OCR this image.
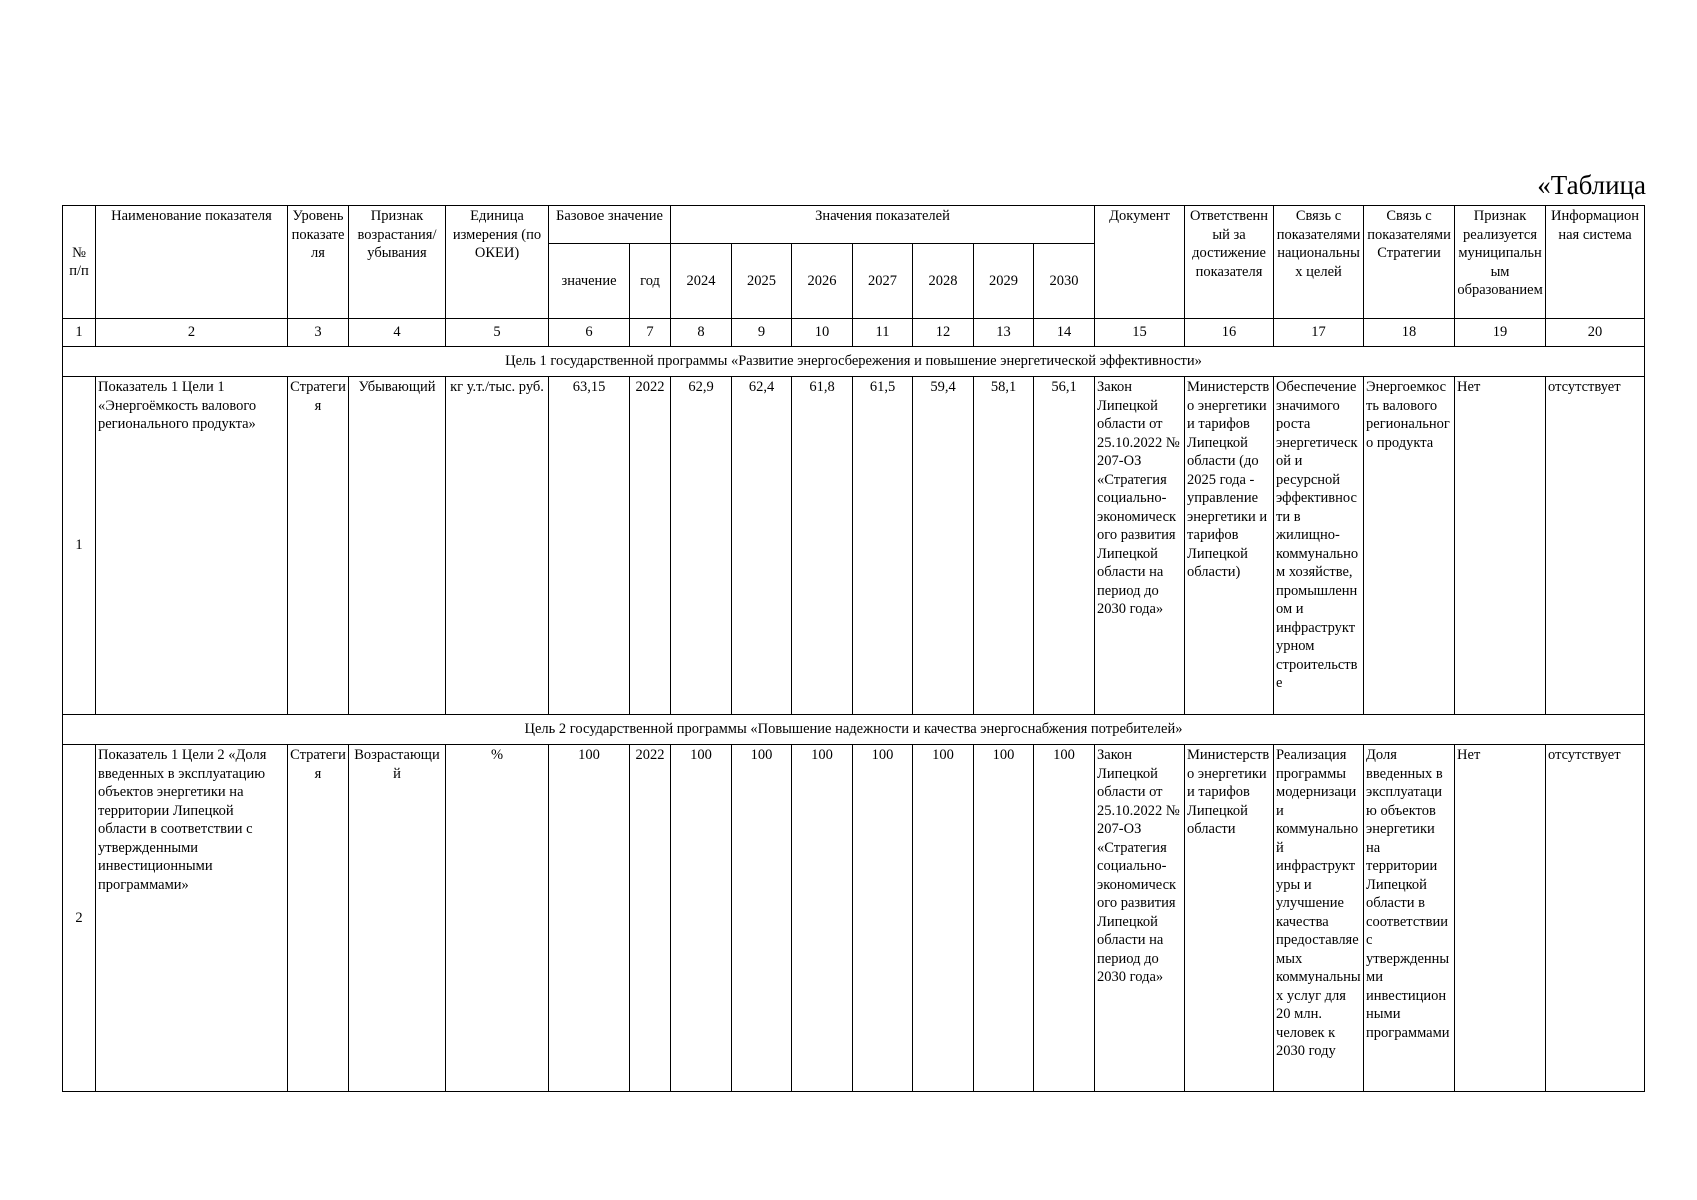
«Таблица
№ п/п	Наименование показателя	Уровень показателя	Признак возрастания/ убывания	Единица измерения (по ОКЕИ)	Базовое значение		Значения показателей							Документ	Ответственный за достижение показателя	Связь с показателями национальных целей	Связь с показателями Стратегии	Признак реализуется муниципальным образованием	Информационная система
					значение	год	2024	2025	2026	2027	2028	2029	2030						
1	2	3	4	5	6	7	8	9	10	11	12	13	14	15	16	17	18	19	20
Цель 1 государственной программы «Развитие энергосбережения и повышение энергетической эффективности»																			
1	Показатель 1 Цели 1 «Энергоёмкость валового регионального продукта»	Стратегия	Убывающий	кг у.т./тыс. руб.	63,15	2022	62,9	62,4	61,8	61,5	59,4	58,1	56,1	Закон Липецкой области от 25.10.2022 № 207-ОЗ «Стратегия социально-экономического развития Липецкой области на период до 2030 года»	Министерство энергетики и тарифов Липецкой области (до 2025 года - управление энергетики и тарифов Липецкой области)	Обеспечение значимого роста энергетической и ресурсной эффективности в жилищно-коммунальном хозяйстве, промышленном и инфраструктурном строительстве	Энергоемкость валового регионального продукта	Нет	отсутствует
Цель 2 государственной программы «Повышение надежности и качества энергоснабжения потребителей»																			
2	Показатель 1 Цели 2 «Доля введенных в эксплуатацию объектов энергетики на территории Липецкой области в соответствии с утвержденными инвестиционными программами»	Стратегия	Возрастающий	%	100	2022	100	100	100	100	100	100	100	Закон Липецкой области от 25.10.2022 № 207-ОЗ «Стратегия социально-экономического развития Липецкой области на период до 2030 года»	Министерство энергетики и тарифов Липецкой области	Реализация программы модернизации коммунальной инфраструктуры и улучшение качества предоставляемых коммунальных услуг для 20 млн. человек к 2030 году	Доля введенных в эксплуатацию объектов энергетики на территории Липецкой области в соответствии с утвержденными инвестиционными программами	Нет	отсутствует
